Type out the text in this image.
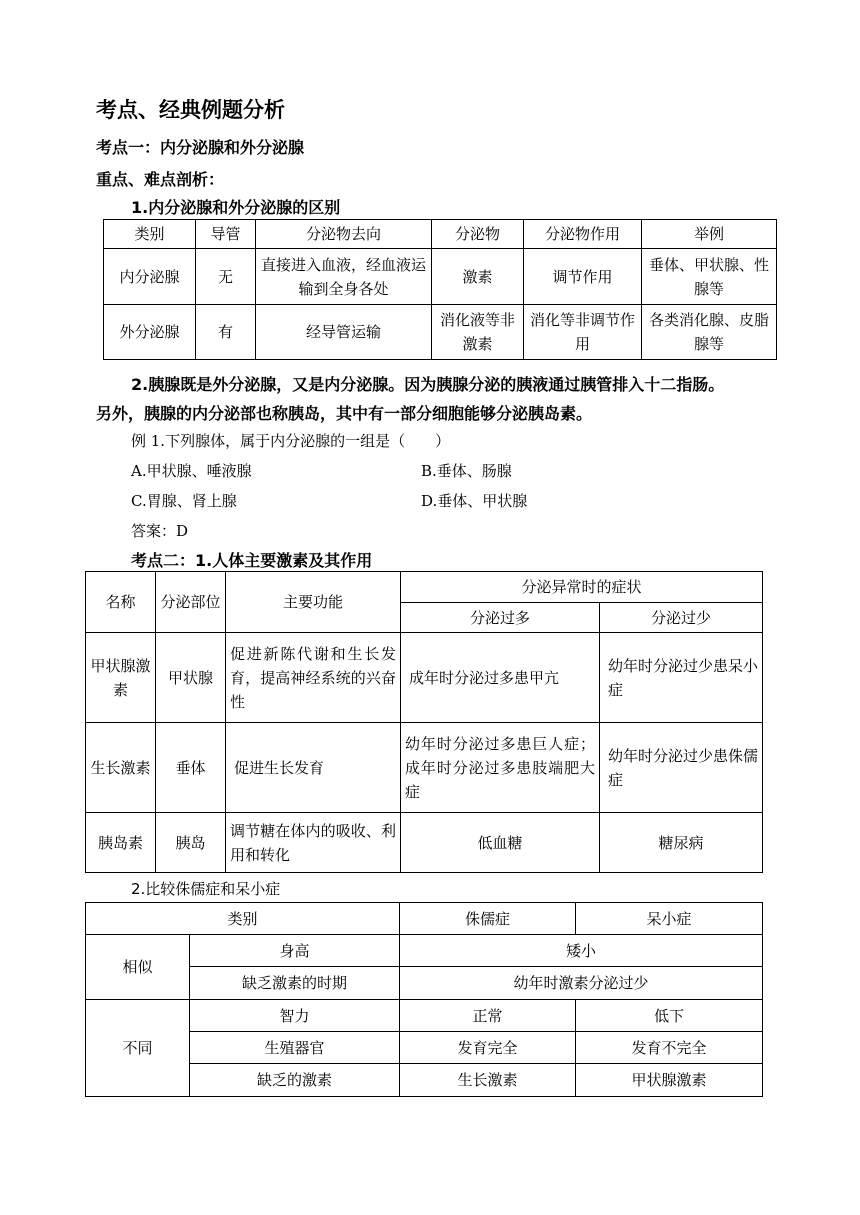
考点、经典例题分析
考点一：内分泌腺和外分泌腺
重点、难点剖析：
1.内分泌腺和外分泌腺的区别
类别	导管	分泌物去向	分泌物	分泌物作用	举例
内分泌腺	无	直接进入血液，经血液运输到全身各处	激素	调节作用	垂体、甲状腺、性腺等
外分泌腺	有	经导管运输	消化液等非激素	消化等非调节作用	各类消化腺、皮脂腺等
2.胰腺既是外分泌腺，又是内分泌腺。因为胰腺分泌的胰液通过胰管排入十二指肠。
另外，胰腺的内分泌部也称胰岛，其中有一部分细胞能够分泌胰岛素。
例 1.下列腺体，属于内分泌腺的一组是（　　）
A.甲状腺、唾液腺	B.垂体、肠腺
C.胃腺、肾上腺	D.垂体、甲状腺
答案：D
考点二：1.人体主要激素及其作用
名称	分泌部位	主要功能	分泌异常时的症状	
			分泌过多	分泌过少
甲状腺激素	甲状腺	促进新陈代谢和生长发育，提高神经系统的兴奋性	成年时分泌过多患甲亢	幼年时分泌过少患呆小症
生长激素	垂体	促进生长发育	幼年时分泌过多患巨人症；成年时分泌过多患肢端肥大症	幼年时分泌过少患侏儒症
胰岛素	胰岛	调节糖在体内的吸收、利用和转化	低血糖	糖尿病
2.比较侏儒症和呆小症
类别		侏儒症	呆小症
相似	身高	矮小	
	缺乏激素的时期	幼年时激素分泌过少	
不同	智力	正常	低下
	生殖器官	发育完全	发育不完全
	缺乏的激素	生长激素	甲状腺激素
